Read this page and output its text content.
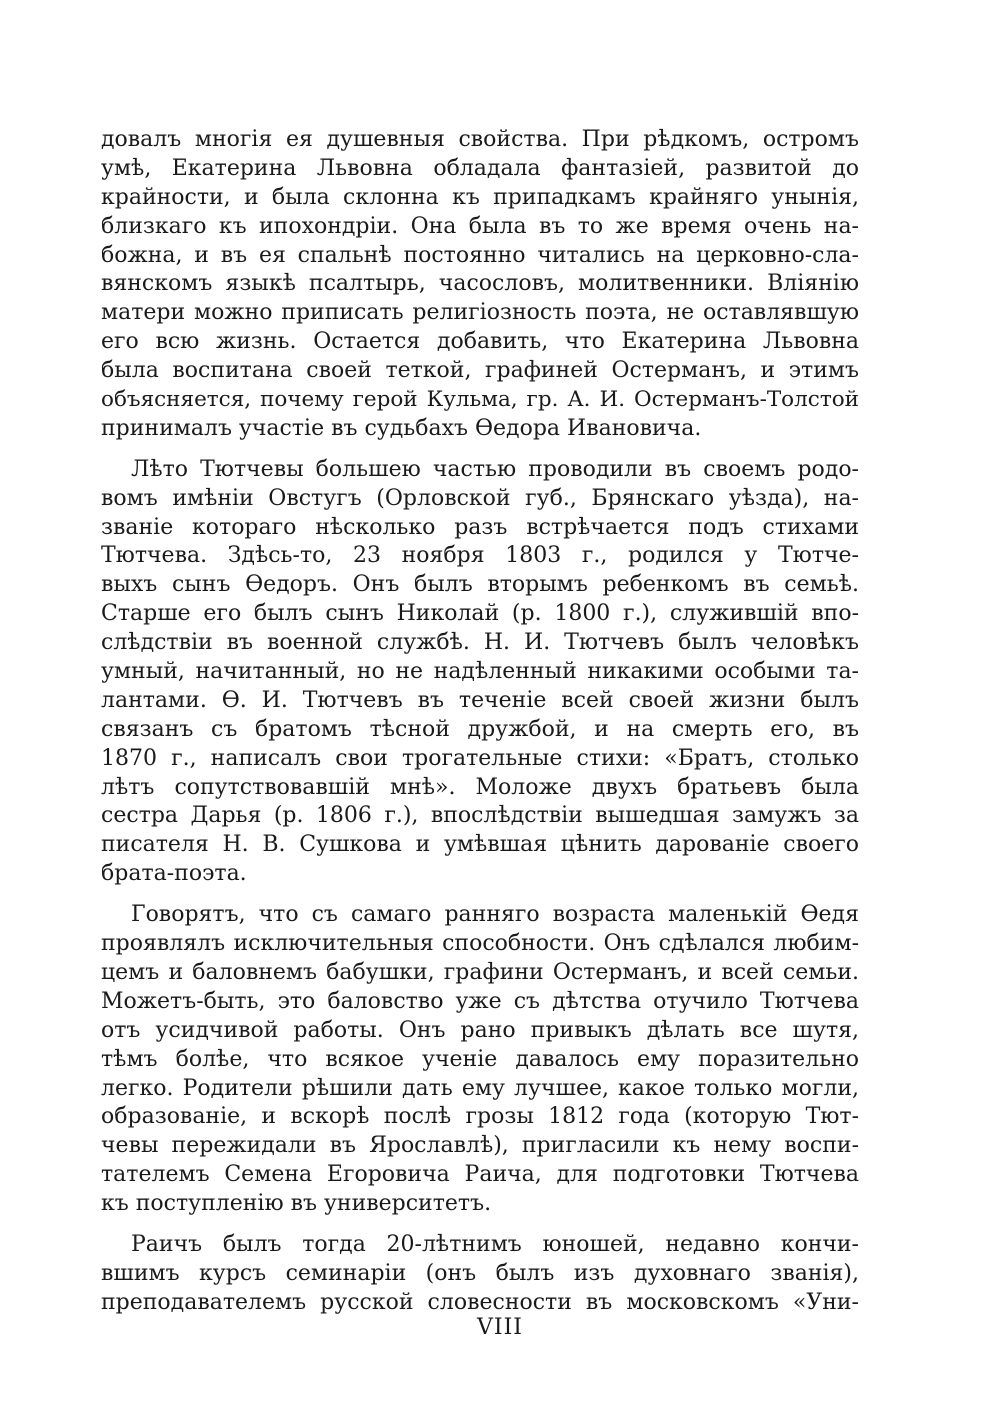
довалъ многія ея душевныя свойства. При рѣдкомъ, остромъ
умѣ, Екатерина Львовна обладала фантазіей, развитой до
крайности, и была склонна къ припадкамъ крайняго унынія,
близкаго къ ипохондріи. Она была въ то же время очень на-
божна, и въ ея спальнѣ постоянно читались на церковно-сла-
вянскомъ языкѣ псалтырь, часословъ, молитвенники. Вліянію
матери можно приписать религіозность поэта, не оставлявшую
его всю жизнь. Остается добавить, что Екатерина Львовна
была воспитана своей теткой, графиней Остерманъ, и этимъ
объясняется, почему герой Кульма, гр. А. И. Остерманъ-Толстой
принималъ участіе въ судьбахъ Ѳедора Ивановича.
Лѣто Тютчевы большею частью проводили въ своемъ родо-
вомъ имѣніи Овстугъ (Орловской губ., Брянскаго уѣзда), на-
званіе котораго нѣсколько разъ встрѣчается подъ стихами
Тютчева. Здѣсь-то, 23 ноября 1803 г., родился у Тютче-
выхъ сынъ Ѳедоръ. Онъ былъ вторымъ ребенкомъ въ семьѣ.
Старше его былъ сынъ Николай (р. 1800 г.), служившій впо-
слѣдствіи въ военной службѣ. Н. И. Тютчевъ былъ человѣкъ
умный, начитанный, но не надѣленный никакими особыми та-
лантами. Ѳ. И. Тютчевъ въ теченіе всей своей жизни былъ
связанъ съ братомъ тѣсной дружбой, и на смерть его, въ
1870 г., написалъ свои трогательные стихи: «Братъ, столько
лѣтъ сопутствовавшій мнѣ». Моложе двухъ братьевъ была
сестра Дарья (р. 1806 г.), впослѣдствіи вышедшая замужъ за
писателя Н. В. Сушкова и умѣвшая цѣнить дарованіе своего
брата-поэта.
Говорятъ, что съ самаго ранняго возраста маленькій Ѳедя
проявлялъ исключительныя способности. Онъ сдѣлался любим-
цемъ и баловнемъ бабушки, графини Остерманъ, и всей семьи.
Можетъ-быть, это баловство уже съ дѣтства отучило Тютчева
отъ усидчивой работы. Онъ рано привыкъ дѣлать все шутя,
тѣмъ болѣе, что всякое ученіе давалось ему поразительно
легко. Родители рѣшили дать ему лучшее, какое только могли,
образованіе, и вскорѣ послѣ грозы 1812 года (которую Тют-
чевы пережидали въ Ярославлѣ), пригласили къ нему воспи-
тателемъ Семена Егоровича Раича, для подготовки Тютчева
къ поступленію въ университетъ.
Раичъ былъ тогда 20-лѣтнимъ юношей, недавно кончи-
вшимъ курсъ семинаріи (онъ былъ изъ духовнаго званія),
преподавателемъ русской словесности въ московскомъ «Уни-
VIII
